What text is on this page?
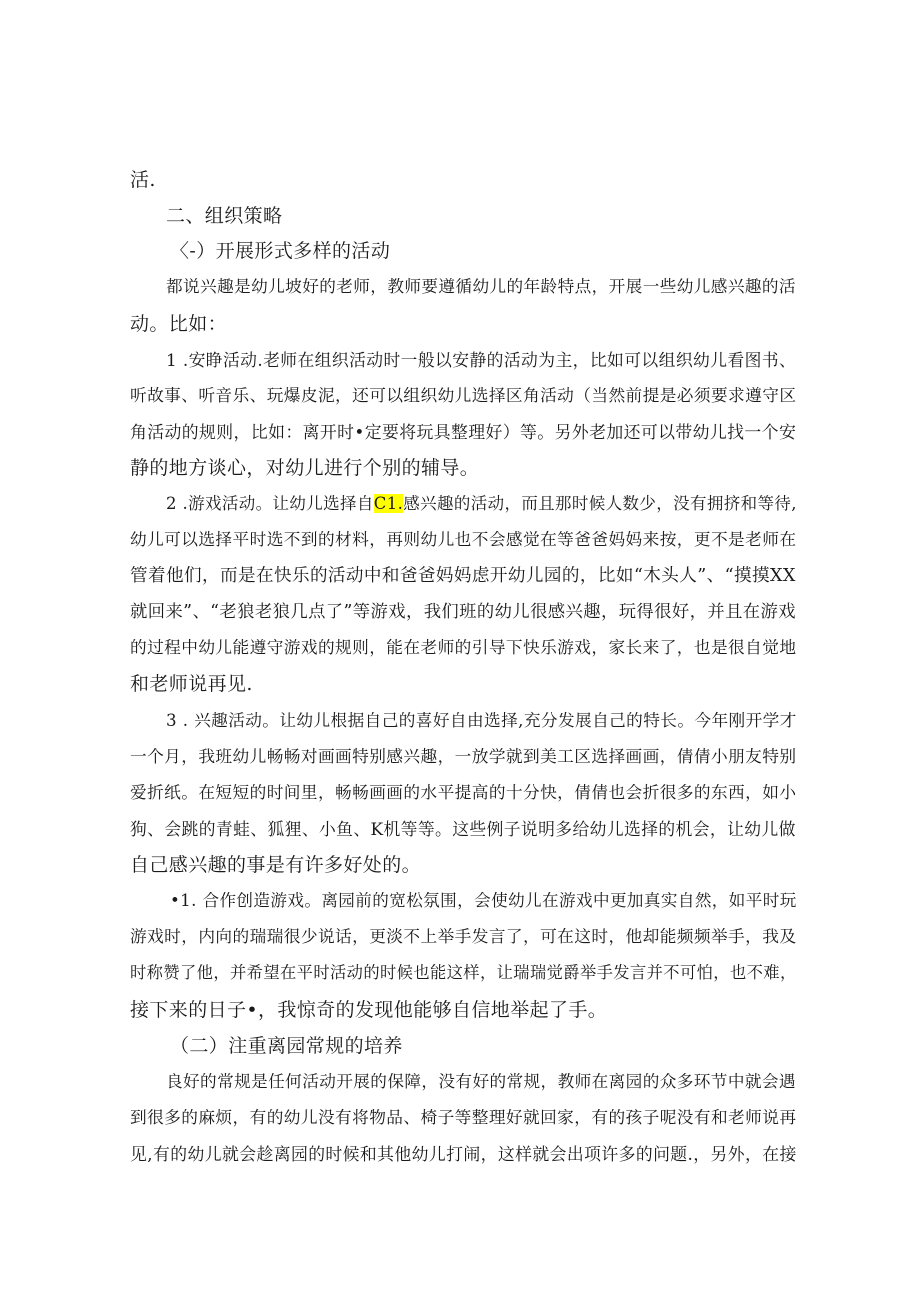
活.
二、组织策略
〈-）开展形式多样的活动
都说兴趣是幼儿坡好的老师，教师要遵循幼儿的年龄特点，开展一些幼儿感兴趣的活
动。比如：
1 .安睁活动.老师在组织活动时一般以安静的活动为主，比如可以组织幼儿看图书、
听故事、听音乐、玩爆皮泥，还可以组织幼儿选择区角活动（当然前提是必须要求遵守区
角活动的规则，比如：离开时•定要将玩具整理好）等。另外老加还可以带幼儿找一个安
静的地方谈心，对幼儿进行个别的辅导。
2 .游戏活动。让幼儿选择自C1.感兴趣的活动，而且那时候人数少，没有拥挤和等待,
幼儿可以选择平时选不到的材料，再则幼儿也不会感觉在等爸爸妈妈来按，更不是老师在
管着他们，而是在快乐的活动中和爸爸妈妈虑开幼儿园的，比如“木头人”、“摸摸XX
就回来”、“老狼老狼几点了”等游戏，我们班的幼儿很感兴趣，玩得很好，并且在游戏
的过程中幼儿能遵守游戏的规则，能在老师的引导下快乐游戏，家长来了，也是很自觉地
和老师说再见.
3 . 兴趣活动。让幼儿根据自己的喜好自由选择,充分发展自己的特长。今年刚开学才
一个月，我班幼儿畅畅对画画特别感兴趣，一放学就到美工区选择画画，倩倩小朋友特别
爱折纸。在短短的时间里，畅畅画画的水平提高的十分快，倩倩也会折很多的东西，如小
狗、会跳的青蛙、狐狸、小鱼、K机等等。这些例子说明多给幼儿选择的机会，让幼儿做
自己感兴趣的事是有许多好处的。
•1. 合作创造游戏。离园前的宽松氛围，会使幼儿在游戏中更加真实自然，如平时玩
游戏时，内向的瑞瑞很少说话，更淡不上举手发言了，可在这时，他却能频频举手，我及
时称赞了他，并希望在平时活动的时候也能这样，让瑞瑞觉爵举手发言并不可怕，也不难，
接下来的日子•，我惊奇的发现他能够自信地举起了手。
（二）注重离园常规的培养
良好的常规是任何活动开展的保障，没有好的常规，教师在离园的众多环节中就会遇
到很多的麻烦，有的幼儿没有将物品、椅子等整理好就回家，有的孩子呢没有和老师说再
见,有的幼儿就会趁离园的时候和其他幼儿打闹，这样就会出项许多的问题.，另外，在接
